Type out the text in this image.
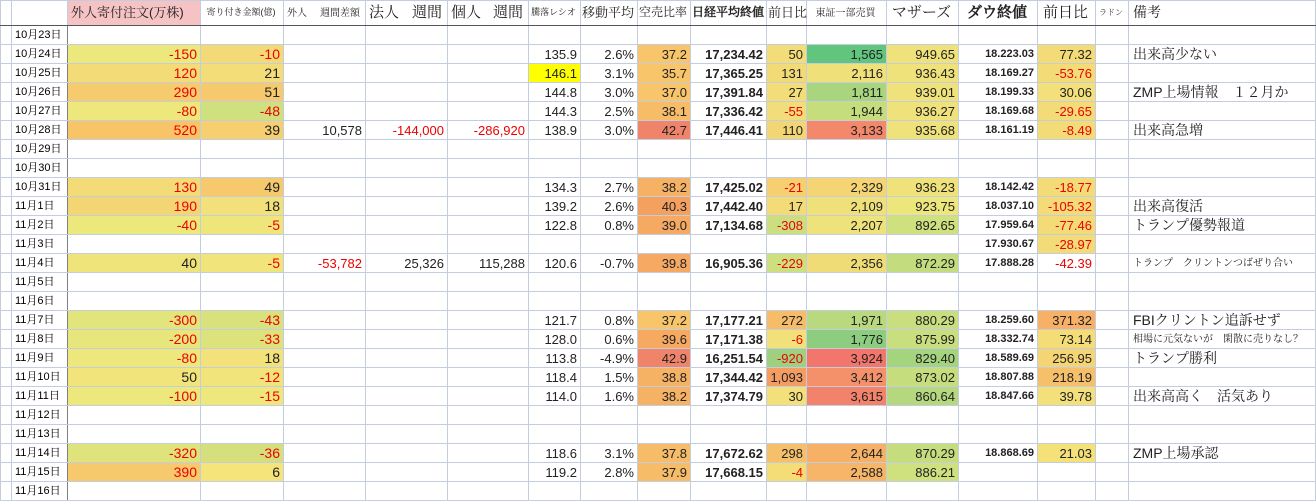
		外人寄付注文(万株)	寄り付き金額(億)	外人 週間差額	法人 週間	個人 週間	騰落レシオ	移動平均	空売比率	日経平均終値	前日比	東証一部売買	マザーズ	ダウ終値	前日比	ラドン	備考
	10月23日																
	10月24日	-150	-10				135.9	2.6%	37.2	17,234.42	50	1,565	949.65	18.223.03	77.32		出来高少ない
	10月25日	120	21				146.1	3.1%	35.7	17,365.25	131	2,116	936.43	18.169.27	-53.76		
	10月26日	290	51				144.8	3.0%	37.0	17,391.84	27	1,811	939.01	18.199.33	30.06		ZMP上場情報　１２月か
	10月27日	-80	-48				144.3	2.5%	38.1	17,336.42	-55	1,944	936.27	18.169.68	-29.65		
	10月28日	520	39	10,578	-144,000	-286,920	138.9	3.0%	42.7	17,446.41	110	3,133	935.68	18.161.19	-8.49		出来高急増
	10月29日																
	10月30日																
	10月31日	130	49				134.3	2.7%	38.2	17,425.02	-21	2,329	936.23	18.142.42	-18.77		
	11月1日	190	18				139.2	2.6%	40.3	17,442.40	17	2,109	923.75	18.037.10	-105.32		出来高復活
	11月2日	-40	-5				122.8	0.8%	39.0	17,134.68	-308	2,207	892.65	17.959.64	-77.46		トランプ優勢報道
	11月3日													17.930.67	-28.97		
	11月4日	40	-5	-53,782	25,326	115,288	120.6	-0.7%	39.8	16,905.36	-229	2,356	872.29	17.888.28	-42.39		トランプ　クリントンつばぜり合い
	11月5日																
	11月6日																
	11月7日	-300	-43				121.7	0.8%	37.2	17,177.21	272	1,971	880.29	18.259.60	371.32		FBIクリントン追訴せず
	11月8日	-200	-33				128.0	0.6%	39.6	17,171.38	-6	1,776	875.99	18.332.74	73.14		相場に元気ないが　閑散に売りなし？
	11月9日	-80	18				113.8	-4.9%	42.9	16,251.54	-920	3,924	829.40	18.589.69	256.95		トランプ勝利
	11月10日	50	-12				118.4	1.5%	38.8	17,344.42	1,093	3,412	873.02	18.807.88	218.19		
	11月11日	-100	-15				114.0	1.6%	38.2	17,374.79	30	3,615	860.64	18.847.66	39.78		出来高高く　活気あり
	11月12日																
	11月13日																
	11月14日	-320	-36				118.6	3.1%	37.8	17,672.62	298	2,644	870.29	18.868.69	21.03		ZMP上場承認
	11月15日	390	6				119.2	2.8%	37.9	17,668.15	-4	2,588	886.21				
	11月16日																
